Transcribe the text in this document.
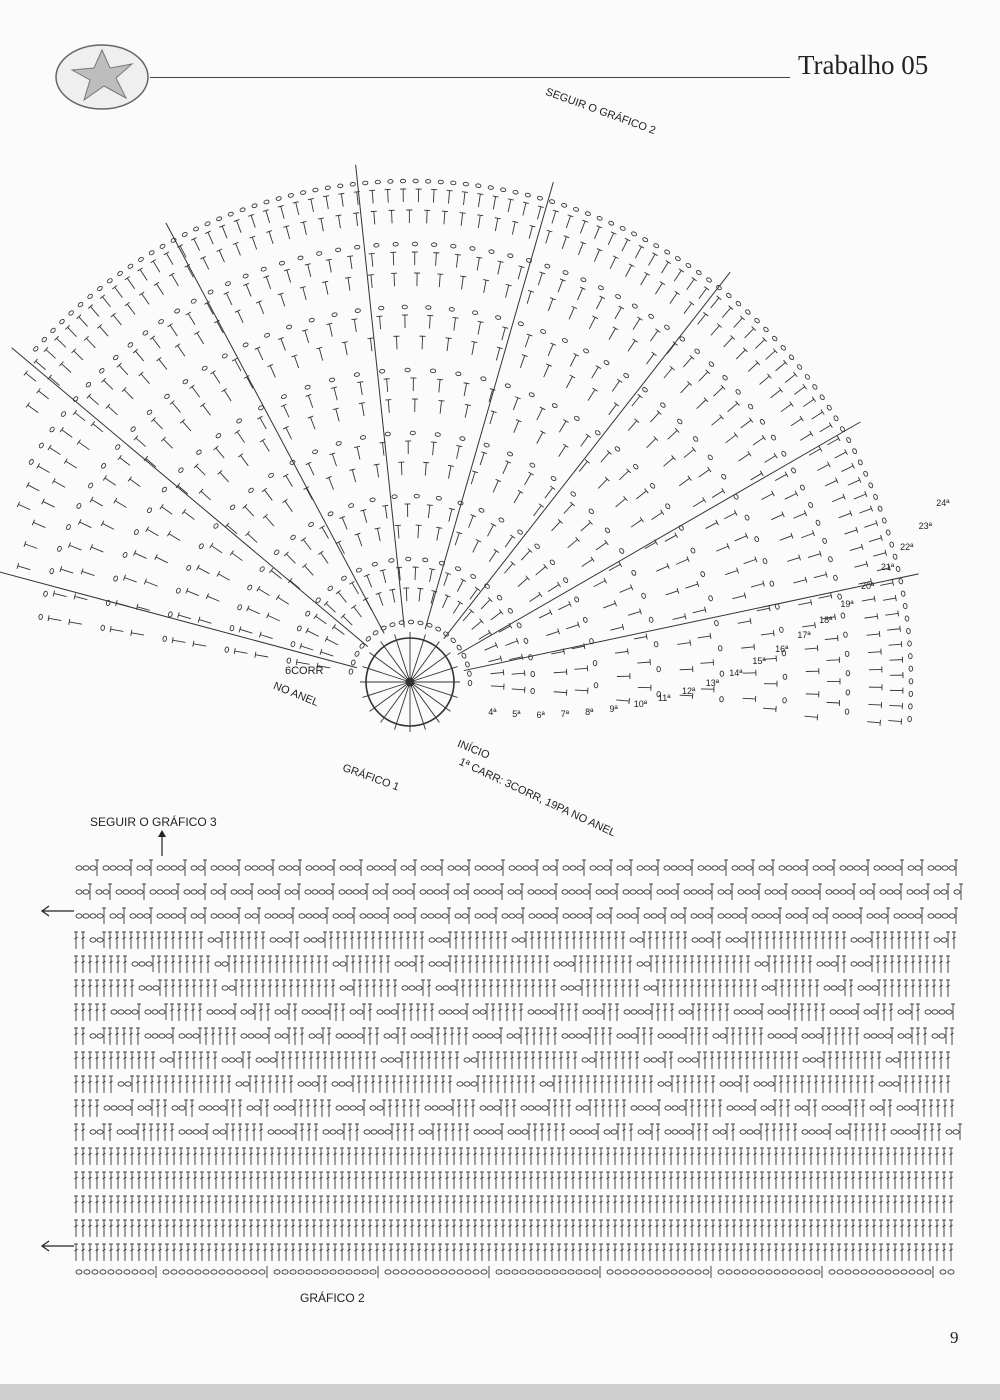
Trabalho 05
SEGUIR O GRÁFICO 2
6CORR
NO ANEL
INÍCIO
1ª CARR: 3CORR, 19PA NO ANEL
GRÁFICO 1
4ª 5ª 6ª 7ª 8ª 9ª 10ª
11ª
12ª
13ª
14ª
15ª
16ª
17ª
18ª
19ª
20ª
21ª
22ª
23ª
24ª
SEGUIR O GRÁFICO 3
GRÁFICO 2
9
